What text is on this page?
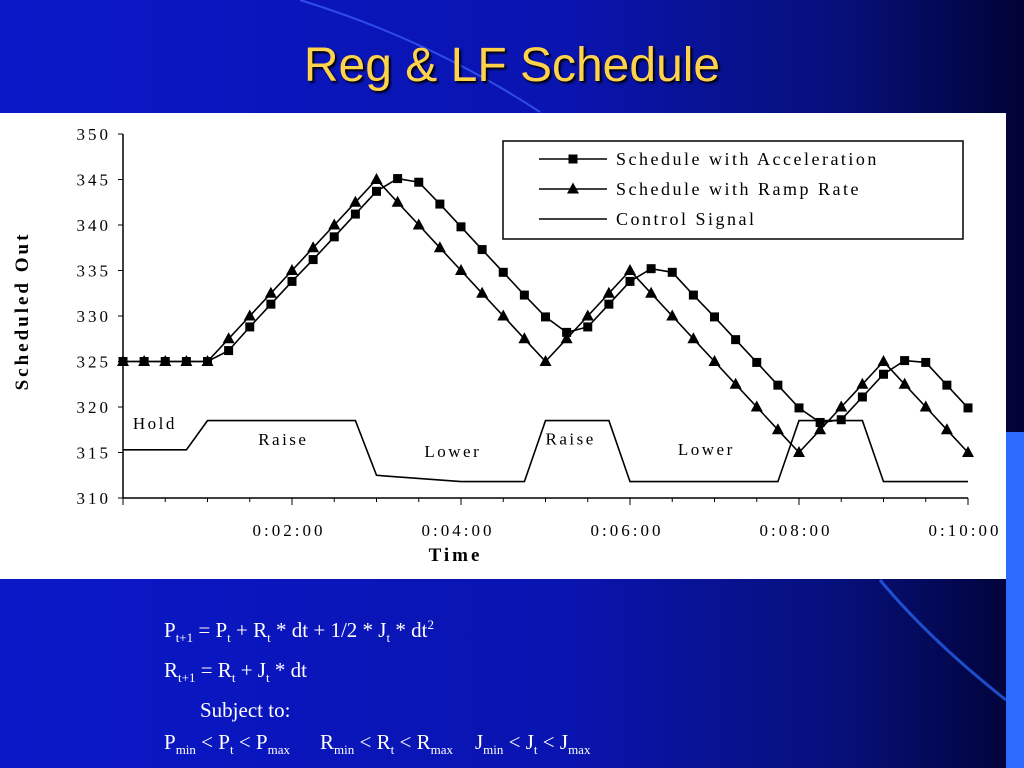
Reg & LF Schedule
310
315
320
325
330
335
340
345
350
0:02:00	0:04:00	0:06:00	0:08:00	0:10:00
Time
Scheduled Out
Hold
Raise
Lower
Raise
Lower
Schedule with Acceleration
Schedule with Ramp Rate
Control Signal
$P_{t+1} = P_t + R_t$ * dt + $1/2 * J_t * dt^2$
$R_{t+1} = R_t + J_t$ * dt
Subject to:
$P_{min} < P_t < P_{max}$ $R_{min} < R_t < R_{max}$ $J_{min} < J_t < J_{max}$
